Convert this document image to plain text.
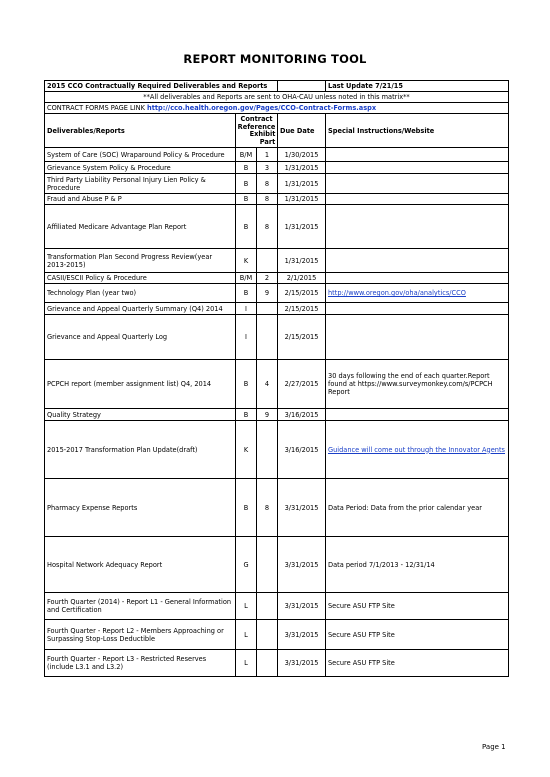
REPORT MONITORING TOOL
2015 CCO Contractually Required Deliverables and Reports				Last Update 7/21/15
**All deliverables and Reports are sent to OHA-CAU unless noted in this matrix**				
CONTRACT FORMS PAGE LINK http://cco.health.oregon.gov/Pages/CCO-Contract-Forms.aspx				
Deliverables/Reports	Contract Reference
Exhibit
Part		Due Date	Special Instructions/Website
System of Care (SOC) Wraparound Policy & Procedure	B/M	1	1/30/2015	
Grievance System Policy & Procedure	B	3	1/31/2015	
Third Party Liability Personal Injury Lien Policy & Procedure	B	8	1/31/2015	
Fraud and Abuse P & P	B	8	1/31/2015	
Affiliated Medicare Advantage Plan Report	B	8	1/31/2015	
Transformation Plan Second Progress Review(year 2013-2015)	K		1/31/2015	
CASII/ESCII Policy & Procedure	B/M	2	2/1/2015	
Technology Plan (year two)	B	9	2/15/2015	http://www.oregon.gov/oha/analytics/CCO
Grievance and Appeal Quarterly Summary (Q4) 2014	I		2/15/2015	
Grievance and Appeal Quarterly Log	I		2/15/2015	
PCPCH report (member assignment list) Q4, 2014	B	4	2/27/2015	30 days following the end of each quarter.Report found at https://www.surveymonkey.com/s/PCPCH Report
Quality Strategy	B	9	3/16/2015	
2015-2017 Transformation Plan Update(draft)	K		3/16/2015	Guidance will come out through the Innovator Agents
Pharmacy Expense Reports	B	8	3/31/2015	Data Period: Data from the prior calendar year
Hospital Network Adequacy Report	G		3/31/2015	Data period 7/1/2013 - 12/31/14
Fourth Quarter (2014) - Report L1 - General Information and Certification	L		3/31/2015	Secure ASU FTP Site
Fourth Quarter - Report L2 - Members Approaching or Surpassing Stop-Loss Deductible	L		3/31/2015	Secure ASU FTP Site
Fourth Quarter - Report L3 - Restricted Reserves (include L3.1 and L3.2)	L		3/31/2015	Secure ASU FTP Site
Page 1
